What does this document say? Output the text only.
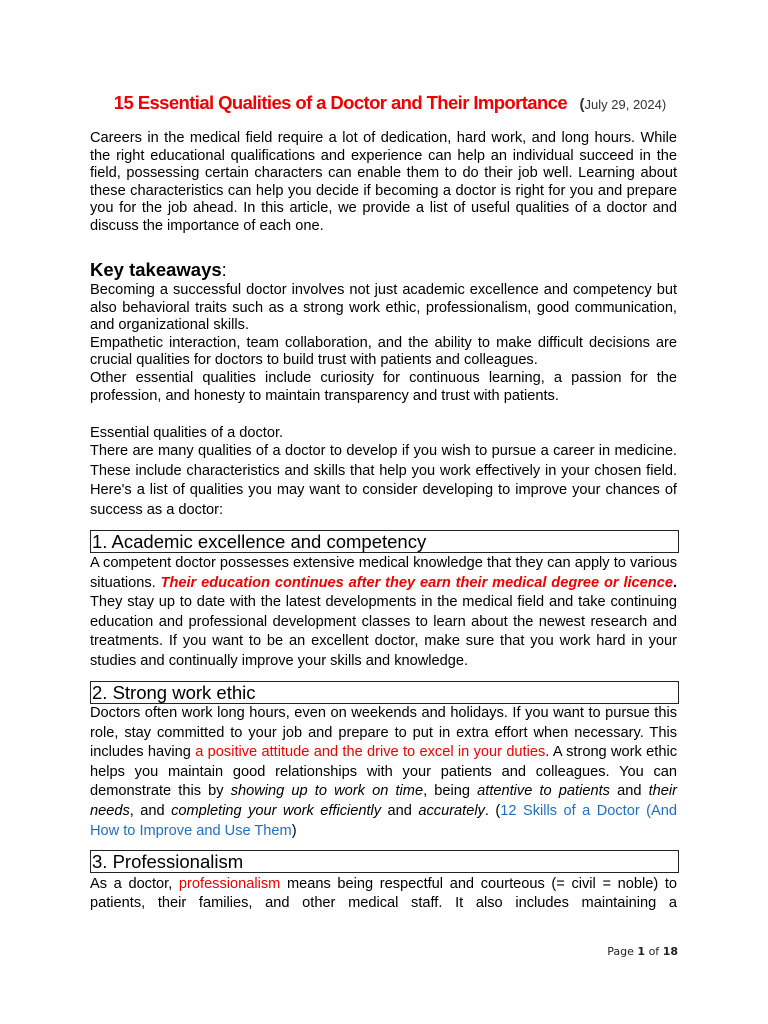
15 Essential Qualities of a Doctor and Their Importance (July 29, 2024)

Careers in the medical field require a lot of dedication, hard work, and long hours. While the right educational qualifications and experience can help an individual succeed in the field, possessing certain characters can enable them to do their job well. Learning about these characteristics can help you decide if becoming a doctor is right for you and prepare you for the job ahead. In this article, we provide a list of useful qualities of a doctor and discuss the importance of each one.

Key takeaways:

Becoming a successful doctor involves not just academic excellence and competency but also behavioral traits such as a strong work ethic, professionalism, good communication, and organizational skills.

Empathetic interaction, team collaboration, and the ability to make difficult decisions are crucial qualities for doctors to build trust with patients and colleagues.

Other essential qualities include curiosity for continuous learning, a passion for the profession, and honesty to maintain transparency and trust with patients.

Essential qualities of a doctor.

There are many qualities of a doctor to develop if you wish to pursue a career in medicine. These include characteristics and skills that help you work effectively in your chosen field. Here's a list of qualities you may want to consider developing to improve your chances of success as a doctor:

1. Academic excellence and competency

A competent doctor possesses extensive medical knowledge that they can apply to various situations. Their education continues after they earn their medical degree or licence. They stay up to date with the latest developments in the medical field and take continuing education and professional development classes to learn about the newest research and treatments. If you want to be an excellent doctor, make sure that you work hard in your studies and continually improve your skills and knowledge.

2. Strong work ethic

Doctors often work long hours, even on weekends and holidays. If you want to pursue this role, stay committed to your job and prepare to put in extra effort when necessary. This includes having a positive attitude and the drive to excel in your duties. A strong work ethic helps you maintain good relationships with your patients and colleagues. You can demonstrate this by showing up to work on time, being attentive to patients and their needs, and completing your work efficiently and accurately. (12 Skills of a Doctor (And How to Improve and Use Them)

3. Professionalism

As a doctor, professionalism means being respectful and courteous (= civil = noble) to patients, their families, and other medical staff. It also includes maintaining a

Page 1 of 18
